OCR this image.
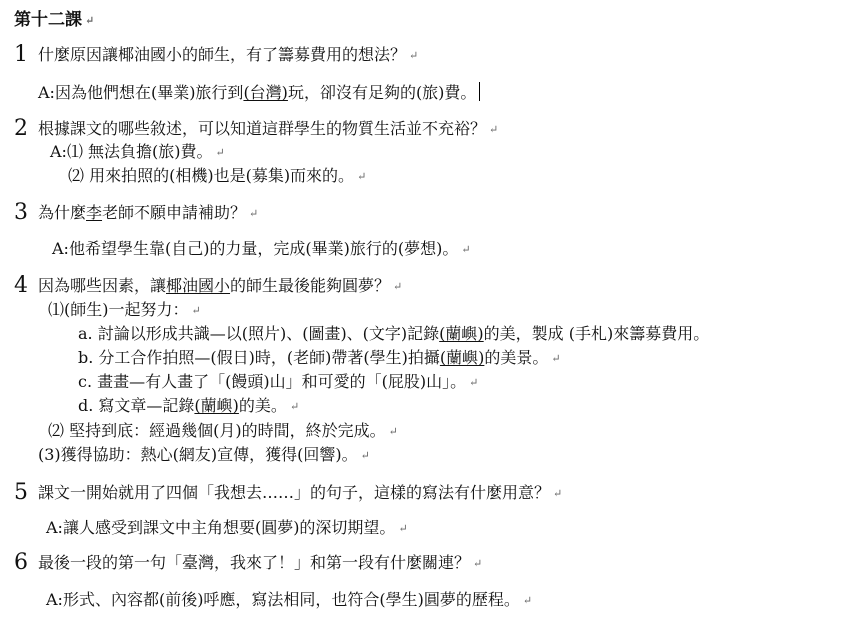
第十二課 ↵
1 什麼原因讓椰油國小的師生，有了籌募費用的想法？ ↵
A:因為他們想在(畢業)旅行到(台灣)玩，卻沒有足夠的(旅)費。
2 根據課文的哪些敘述，可以知道這群學生的物質生活並不充裕？ ↵
A:⑴ 無法負擔(旅)費。 ↵
⑵ 用來拍照的(相機)也是(募集)而來的。 ↵
3 為什麼李老師不願申請補助？ ↵
A:他希望學生靠(自己)的力量，完成(畢業)旅行的(夢想)。 ↵
4 因為哪些因素，讓椰油國小的師生最後能夠圓夢？ ↵
⑴(師生)一起努力： ↵
a. 討論以形成共識—以(照片)、(圖畫)、(文字)記錄(蘭嶼)的美，製成 (手札)來籌募費用。
b. 分工合作拍照—(假日)時，(老師)帶著(學生)拍攝(蘭嶼)的美景。 ↵
c. 畫畫—有人畫了「(饅頭)山」和可愛的「(屁股)山」。 ↵
d. 寫文章—記錄(蘭嶼)的美。 ↵
⑵ 堅持到底：經過幾個(月)的時間，終於完成。 ↵
(3)獲得協助：熱心(網友)宣傳，獲得(回響)。 ↵
5 課文一開始就用了四個「我想去……」的句子，這樣的寫法有什麼用意？ ↵
A:讓人感受到課文中主角想要(圓夢)的深切期望。 ↵
6 最後一段的第一句「臺灣，我來了！」和第一段有什麼關連？ ↵
A:形式、內容都(前後)呼應，寫法相同，也符合(學生)圓夢的歷程。 ↵
